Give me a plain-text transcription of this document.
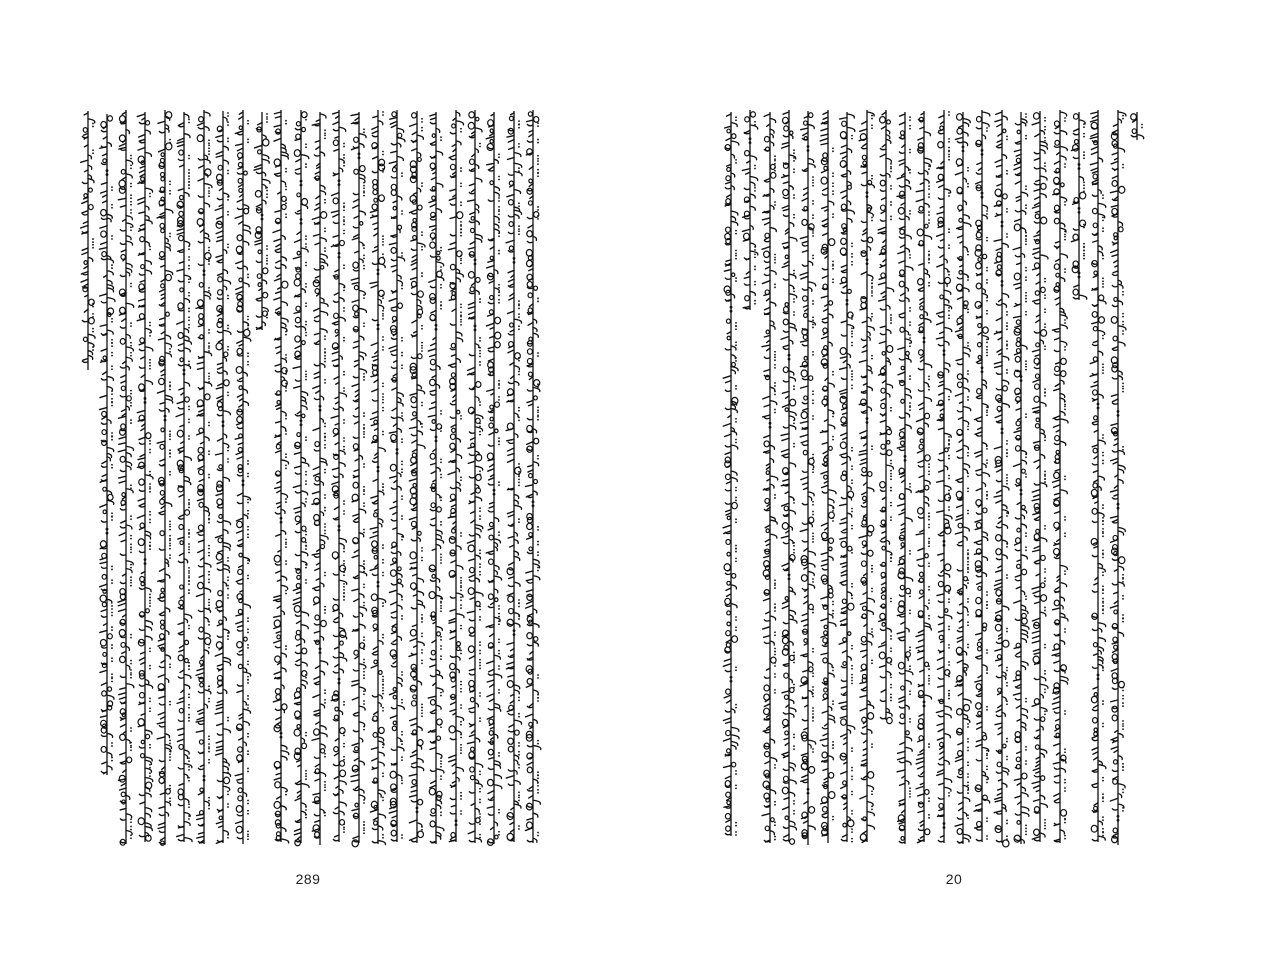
289	20
